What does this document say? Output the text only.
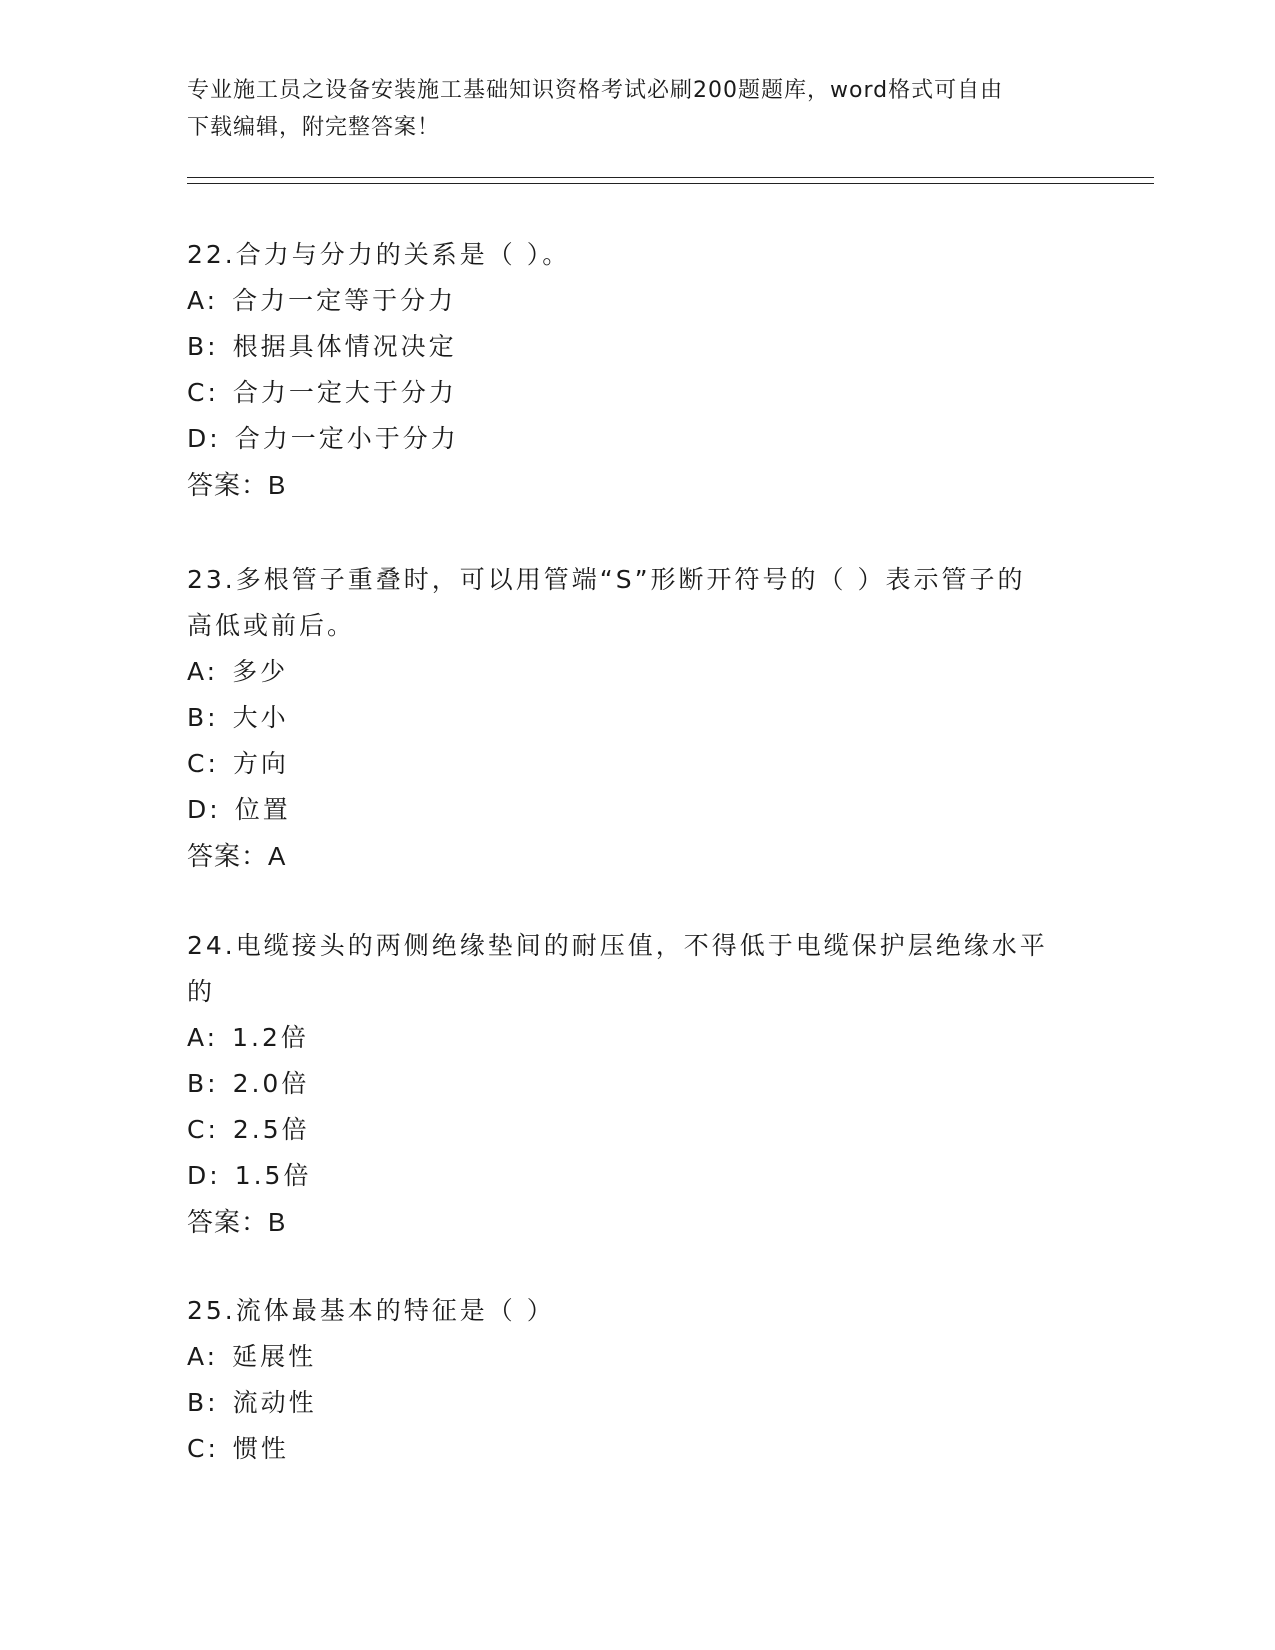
专业施工员之设备安装施工基础知识资格考试必刷200题题库，word格式可自由
下载编辑，附完整答案！
22.合力与分力的关系是（ ）。
A: 合力一定等于分力
B: 根据具体情况决定
C: 合力一定大于分力
D: 合力一定小于分力
答案：B
23.多根管子重叠时，可以用管端“S”形断开符号的（ ）表示管子的
高低或前后。
A: 多少
B: 大小
C: 方向
D: 位置
答案：A
24.电缆接头的两侧绝缘垫间的耐压值，不得低于电缆保护层绝缘水平
的
A: 1.2倍
B: 2.0倍
C: 2.5倍
D: 1.5倍
答案：B
25.流体最基本的特征是（ ）
A: 延展性
B: 流动性
C: 惯性
